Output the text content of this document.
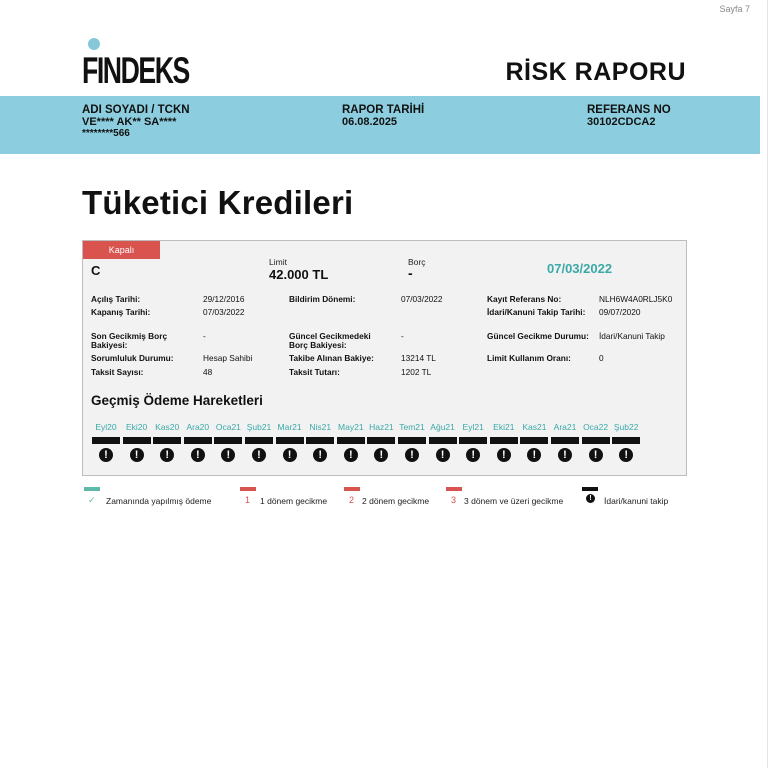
Sayfa 7
FINDEKS	RİSK RAPORU
ADI SOYADI / TCKN
VE**** AK** SA****
********566
RAPOR TARİHİ
06.08.2025
REFERANS NO
30102CDCA2
Tüketici Kredileri
Kapalı
C
Limit
42.000 TL
Borç
-	07/03/2022
Açılış Tarihi:	29/12/2016
Kapanış Tarihi:	07/03/2022
Son Gecikmiş Borç Bakiyesi:
-
Sorumluluk Durumu:	Hesap Sahibi
Taksit Sayısı:	48
Bildirim Dönemi:	07/03/2022
Güncel Gecikmedeki Borç Bakiyesi:
-
Takibe Alınan Bakiye:	13214 TL
Taksit Tutarı:	1202 TL
Kayıt Referans No:	NLH6W4A0RLJ5K0
İdari/Kanuni Takip Tarihi: 09/07/2020
Güncel Gecikme Durumu: İdari/Kanuni Takip
Limit Kullanım Oranı:	0
Geçmiş Ödeme Hareketleri
Eyl20
!
Eki20
!
Kas20
!
Ara20
!
Oca21
!
Şub21
!
Mar21
!
Nis21
!
May21
!
Haz21
!
Tem21
!
Ağu21
!
Eyl21
!
Eki21
!
Kas21
!
Ara21
!
Oca22
!
Şub22
!
✓ Zamanında yapılmış ödeme	1 1 dönem gecikme 2 2 dönem gecikme 3 3 dönem ve üzeri gecikme	!	İdari/kanuni takip
